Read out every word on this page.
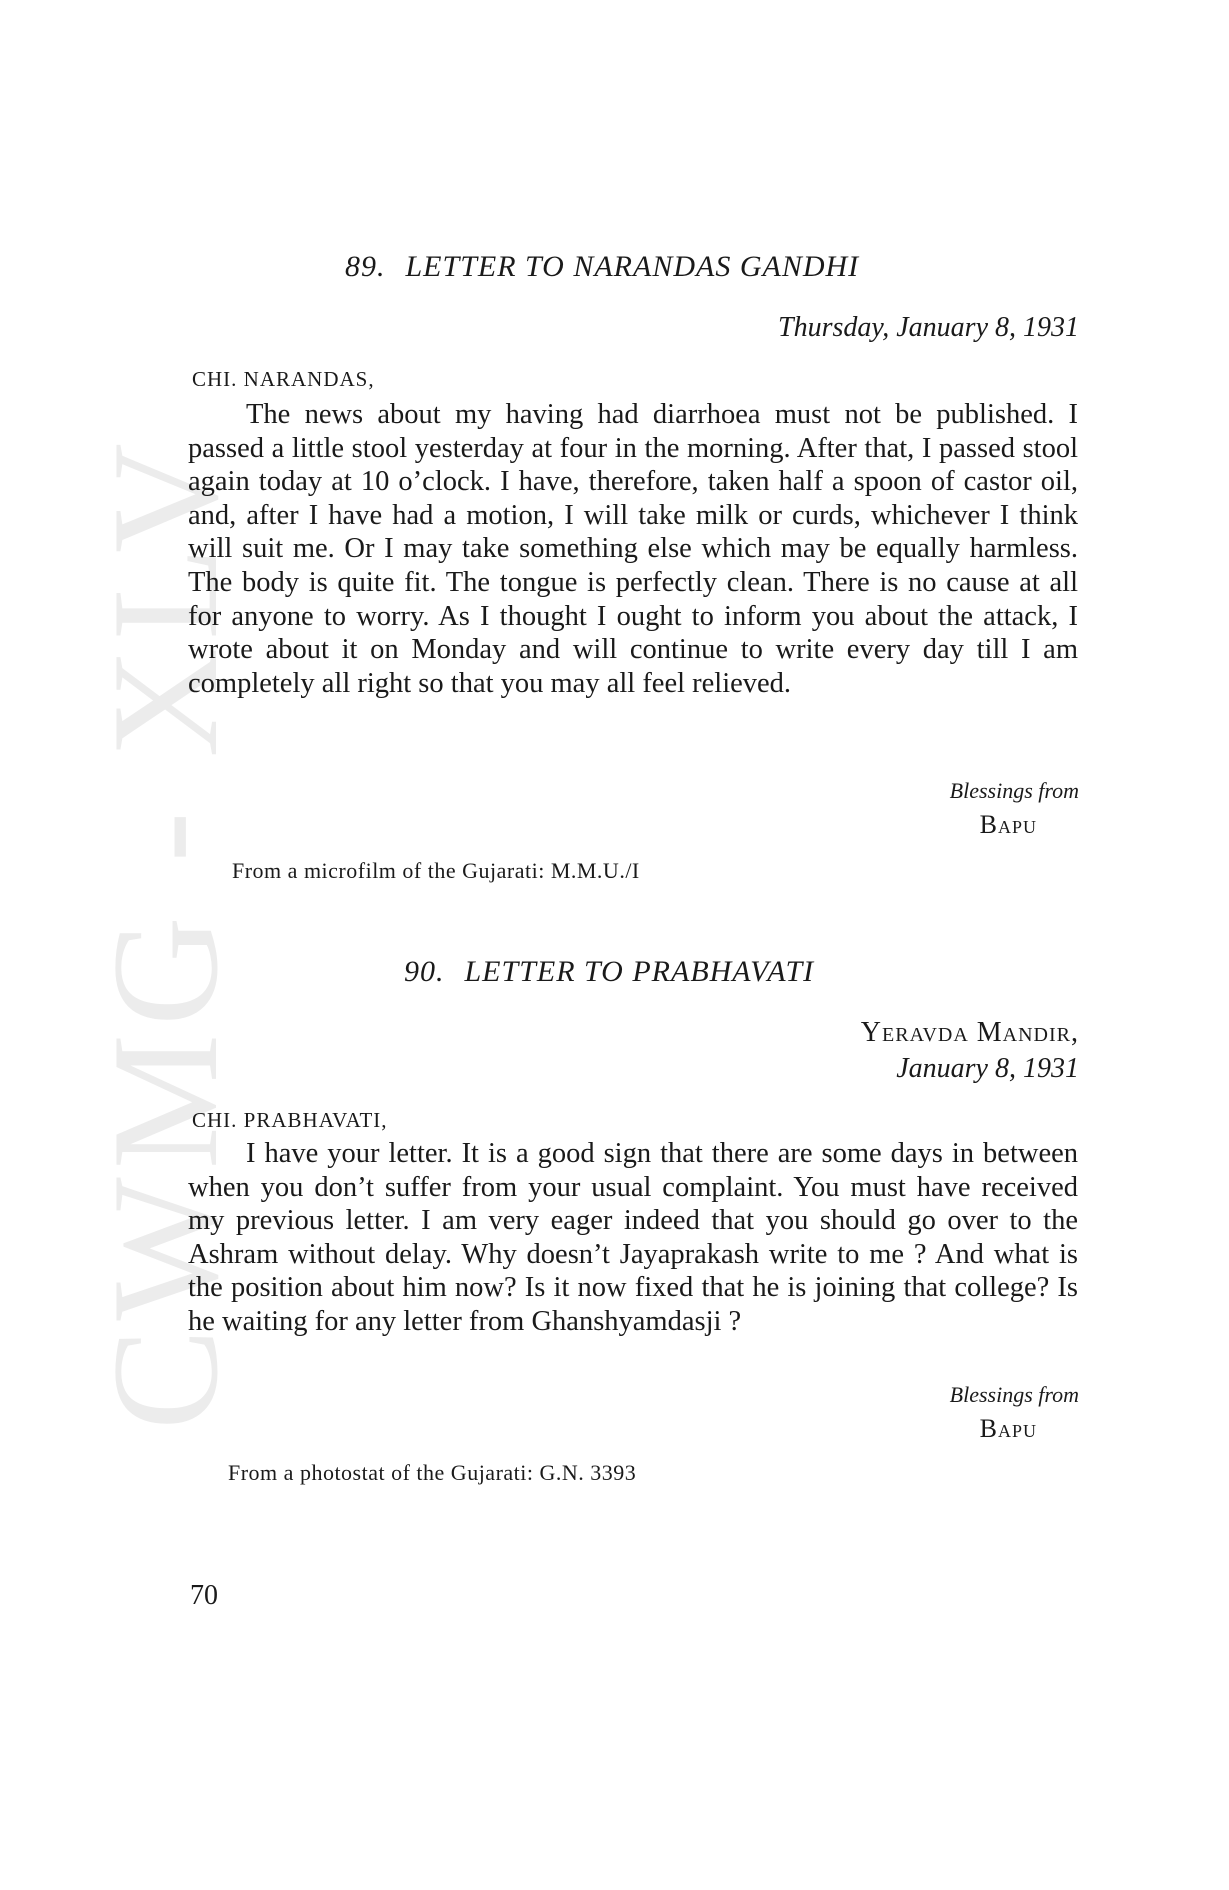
CWMG - XLV
89. LETTER TO NARANDAS GANDHI
Thursday, January 8, 1931
CHI. NARANDAS,
The news about my having had diarrhoea must not be published. I passed a little stool yesterday at four in the morning. After that, I passed stool again today at 10 o’clock. I have, therefore, taken half a spoon of castor oil, and, after I have had a motion, I will take milk or curds, whichever I think will suit me. Or I may take something else which may be equally harmless. The body is quite fit. The tongue is perfectly clean. There is no cause at all for anyone to worry. As I thought I ought to inform you about the attack, I wrote about it on Monday and will continue to write every day till I am completely all right so that you may all feel relieved.
Blessings from
Bapu
From a microfilm of the Gujarati: M.M.U./I
90. LETTER TO PRABHAVATI
Yeravda Mandir,
January 8, 1931
CHI. PRABHAVATI,
I have your letter. It is a good sign that there are some days in between when you don’t suffer from your usual complaint. You must have received my previous letter. I am very eager indeed that you should go over to the Ashram without delay. Why doesn’t Jayaprakash write to me ? And what is the position about him now? Is it now fixed that he is joining that college? Is he waiting for any letter from Ghanshyamdasji ?
Blessings from
Bapu
From a photostat of the Gujarati: G.N. 3393
70
